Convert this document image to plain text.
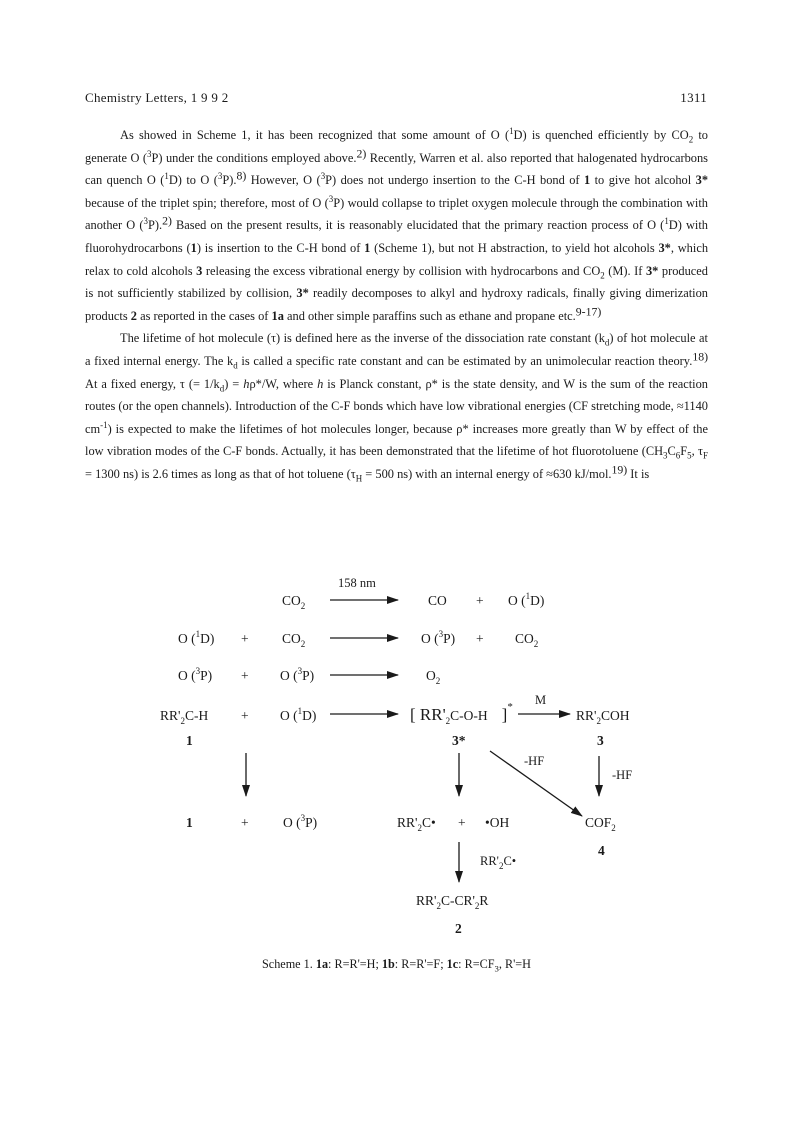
Chemistry Letters, 1 9 9 2	1311

As showed in Scheme 1, it has been recognized that some amount of O ($^1$D) is quenched efficiently by $CO_2$ to generate O ($^3$P) under the conditions employed above.$^{2)}$ Recently, Warren et al. also reported that halogenated hydrocarbons can quench O ($^1$D) to O ($^3$P).$^{8)}$ However, O ($^3$P) does not undergo insertion to the C-H bond of 1 to give hot alcohol 3* because of the triplet spin; therefore, most of O ($^3$P) would collapse to triplet oxygen molecule through the combination with another O ($^3$P).$^{2)}$ Based on the present results, it is reasonably elucidated that the primary reaction process of O ($^1$D) with fluorohydrocarbons (1) is insertion to the C-H bond of 1 (Scheme 1), but not H abstraction, to yield hot alcohols 3*, which relax to cold alcohols 3 releasing the excess vibrational energy by collision with hydrocarbons and $CO_2$ (M). If 3* produced is not sufficiently stabilized by collision, 3* readily decomposes to alkyl and hydroxy radicals, finally giving dimerization products 2 as reported in the cases of 1a and other simple paraffins such as ethane and propane etc.$^{9-17)}$

The lifetime of hot molecule (τ) is defined here as the inverse of the dissociation rate constant $(k_d)$ of hot molecule at a fixed internal energy. The $k_d$ is called a specific rate constant and can be estimated by an unimolecular reaction theory.$^{18)}$ At a fixed energy, τ (= $1/k_d) = h\rho*/W$, where h is Planck constant, ρ* is the state density, and W is the sum of the reaction routes (or the open channels). Introduction of the C-F bonds which have low vibrational energies (CF stretching mode, ≈1140 $cm^{-1}$) is expected to make the lifetimes of hot molecules longer, because ρ* increases more greatly than W by effect of the low vibration modes of the C-F bonds. Actually, it has been demonstrated that the lifetime of hot fluorotoluene ($CH_3C_6F_5$, $\tau_F = 1300$ ns) is 2.6 times as long as that of hot toluene ($\tau_H = 500$ ns) with an internal energy of ≈630 kJ/mol.$^{19)}$ It is

158 nm
$CO_2$	CO + O ($^1$D)
O $(^1D) + CO_2$	O $(^3P) + CO_2$
O ($^3$P) + O ($^3$P)	$O_2$
$RR'_2C-H + O$ ($^1$D)	[ $RR'_2C-O-H$ ]* M
$RR'_2COH$
1	3*	3
-HF
-HF
1	+	O ($^3$P)	$RR'_2C•$ + •OH	$COF_2$
4
$RR'_2C•$
$RR'_2C-CR'_2R$
2
Scheme 1. 1a: R=R'=H; 1b: R=R'=F; 1c: $R=CF_3$, R'=H
